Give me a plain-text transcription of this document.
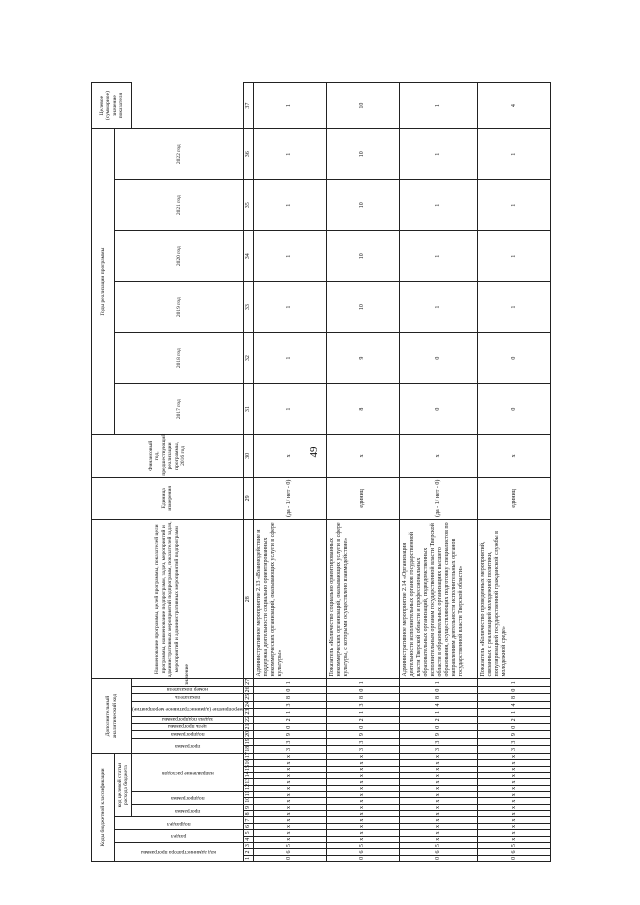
49
Коды бюджетной классификации																	Дополнительный аналитический код										Наименование программы, целей программы, показателей цели программы, наименование подпрограмм, задач, мероприятий и административных мероприятий подпрограмм, показателей задач, мероприятий и административных мероприятий подпрограмм	Единица измерения	Финансовый год, предшествующий реализации программы, 2016 год	Годы реализации программы						Целевое (суммарное) значение показателя

код администратора программы			раздел		подраздел		код целевой статьи расхода бюджета																							2017 год	2018 год	2019 год	2020 год	2021 год	2022 год	

							программа		подпрограмма		направление расходов						программа		подпрограмма	цель программы	задача подпрограммы	мероприятие (административное мероприятие)		показатель	номер показателя	значение										
1	2	3	4	5	6	7	8	9	10	11	12	13	14	15	16	17	18	19	20	21	22	23	24	25	26	27	28	29	30	31	32	33	34	35	36	37
0	6	5	х	х	х	х	х	х	х	х	х	х	х	х	х	х	3	3	9	0	2	1	3	8	0	1	Административное мероприятие 2.13 «Взаимодействие и поддержка деятельности социально ориентированных некоммерческих организаций, оказывающих услуги в сфере культуры»	(да - 1/ нет - 0)	х	1	1	1	1	1	1	1
0	6	5	х	х	х	х	х	х	х	х	х	х	х	х	х	х	3	3	9	0	2	1	3	8	0	1	Показатель «Количество социально ориентированных некоммерческих организаций, оказывающих услуги в сфере культуры, с которыми осуществлено взаимодействие»	единиц	х	8	9	10	10	10	10	10
0	6	5	х	х	х	х	х	х	х	х	х	х	х	х	х	х	3	3	9	0	2	1	4	8	0	1	Административное мероприятие 2.14 «Организация деятельности исполнительных органов государственной власти Тверской области и профессиональных образовательных организаций, подведомственных исполнительным органам государственной власти Тверской области в образовательных организациях высшего образования, осуществляющих подготовку специалистов по направлениям деятельности исполнительных органов государственной власти Тверской области»	(да - 1/ нет - 0)	х	0	0	1	1	1	1	1
0	6	5	х	х	х	х	х	х	х	х	х	х	х	х	х	х	3	3	9	0	2	1	4	8	0	1	Показатель «Количество проведенных мероприятий, связанных с реализацией молодежной политики, популяризацией государственной гражданской службы в молодежной среде»	единиц	х	0	0	1	1	1	1	4
